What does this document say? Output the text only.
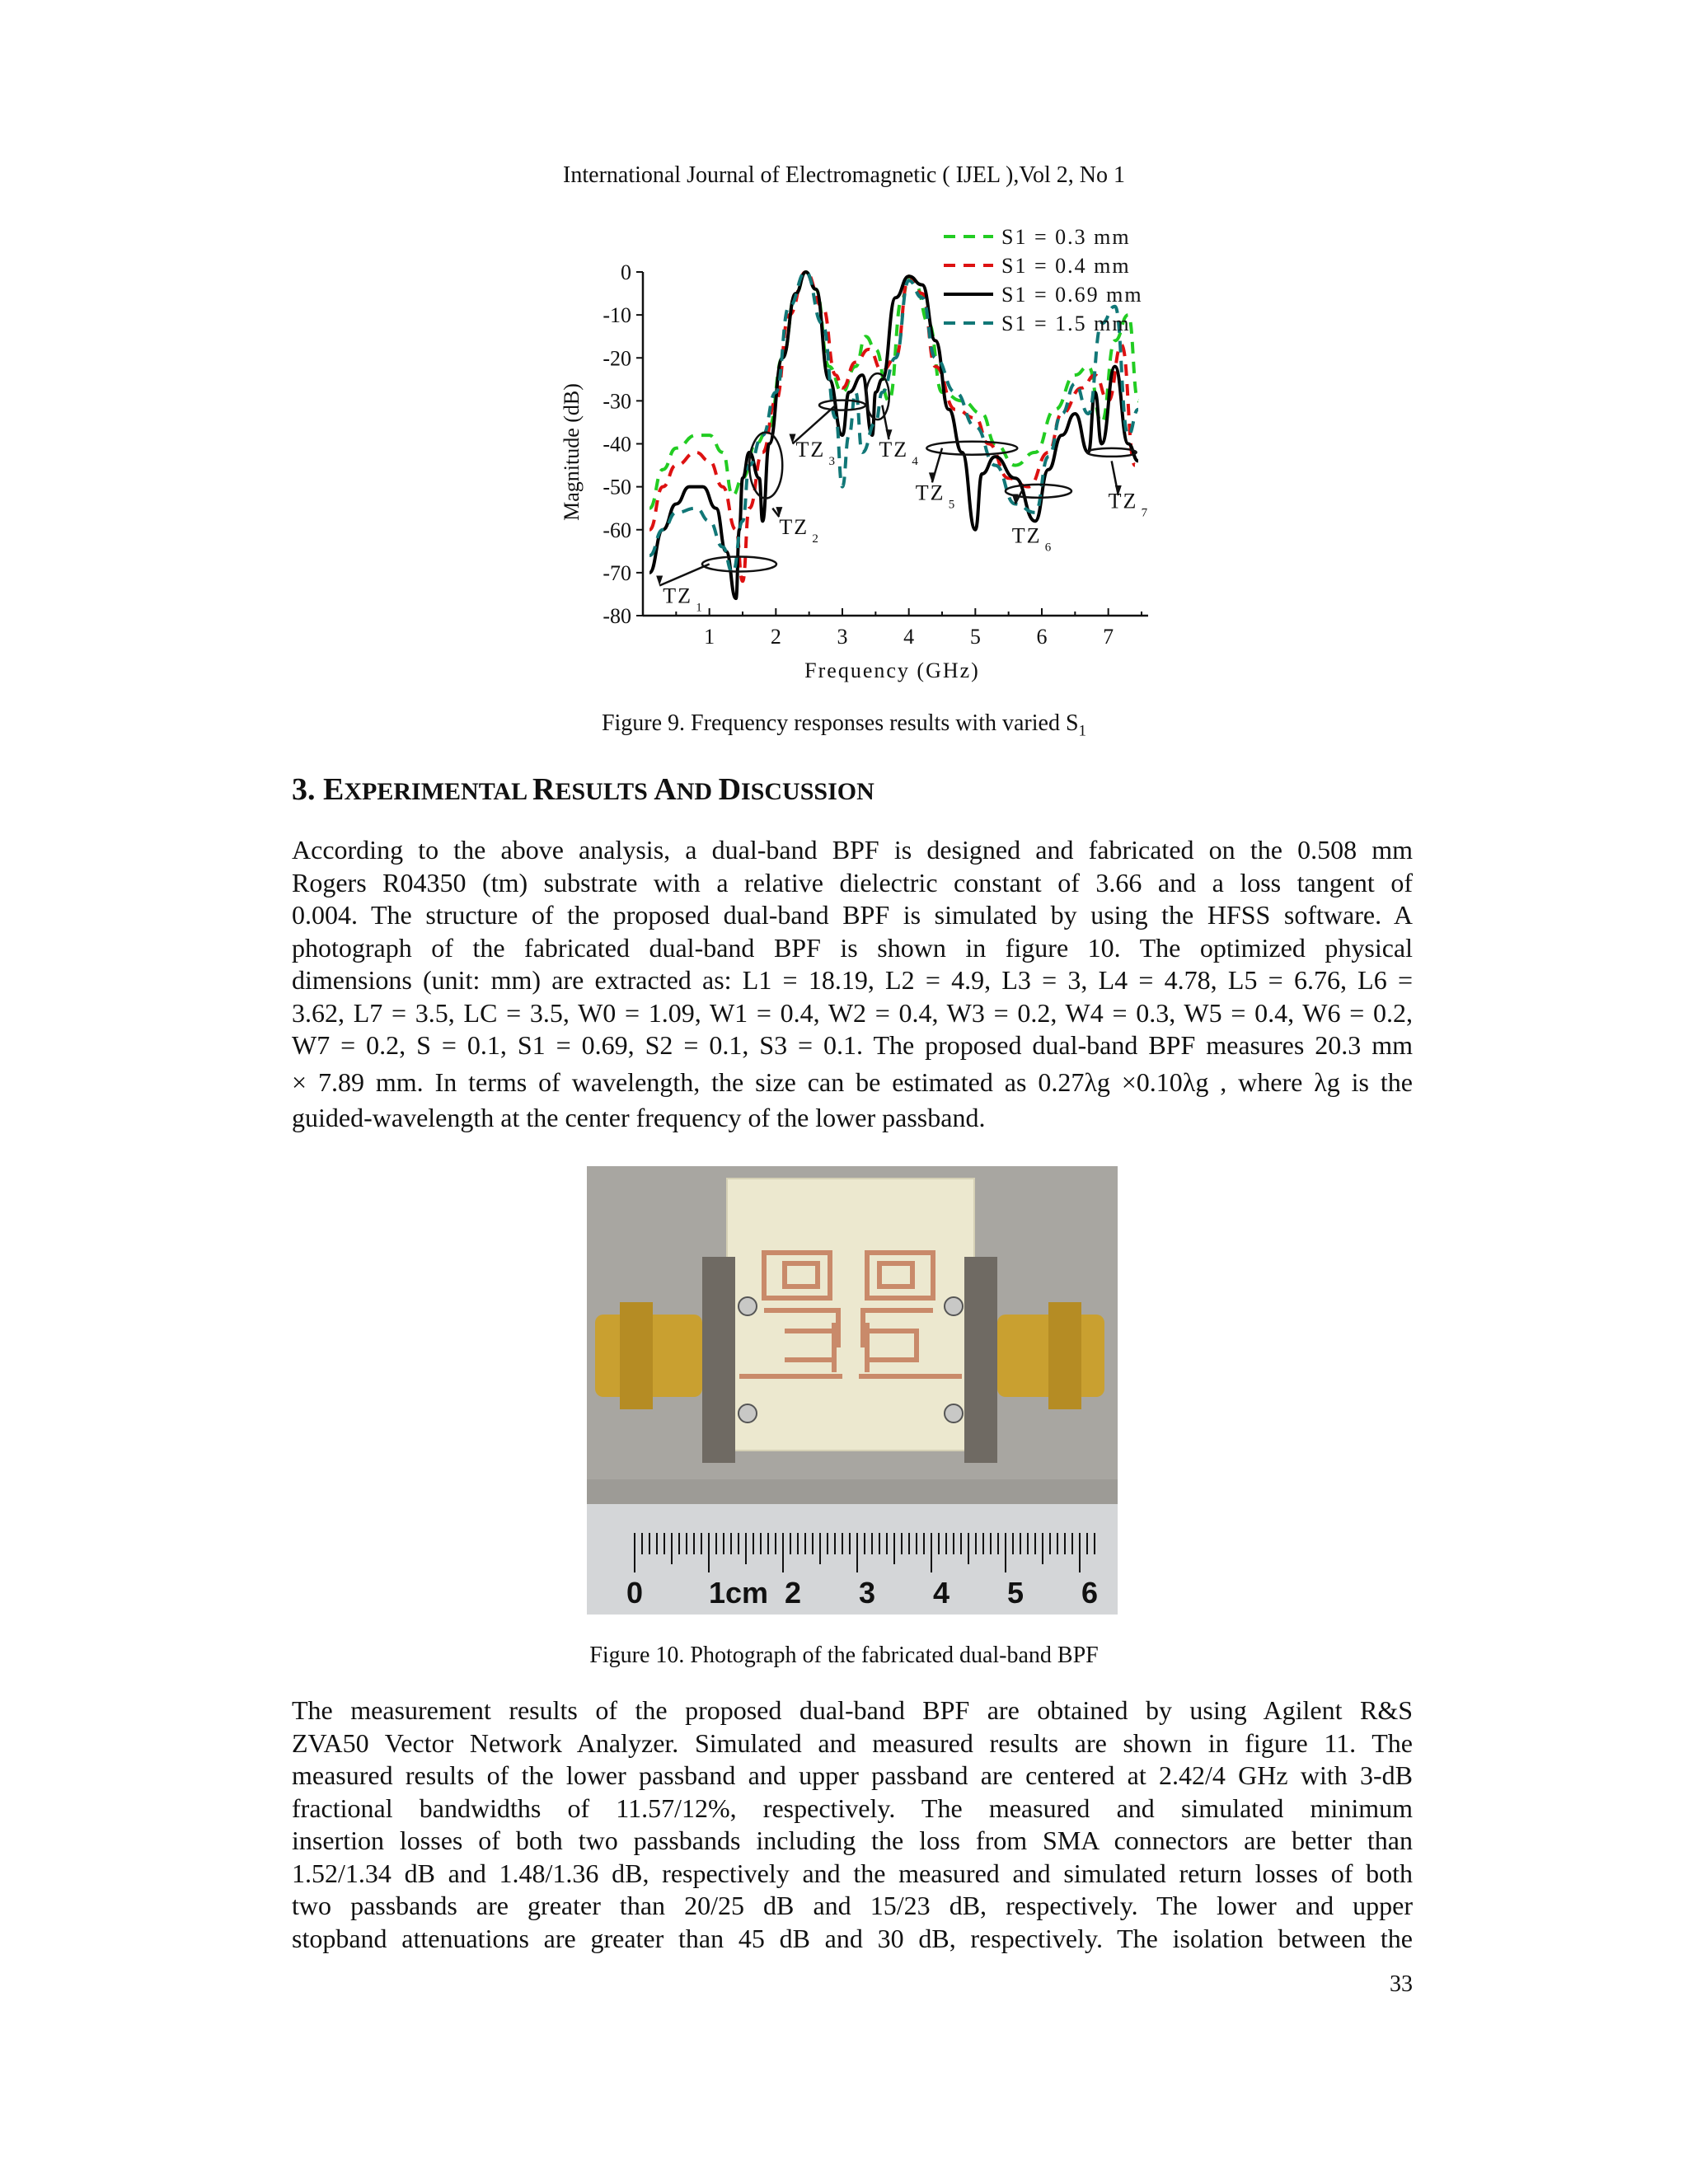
International Journal of Electromagnetic ( IJEL ),Vol 2, No 1
0
-10
-20
-30
-40
-50
-60
-70
-80
1	2	3	4	5	6	7
Frequency (GHz)
Magnitude (dB)
S1 = 0.3 mm
S1 = 0.4 mm
S1 = 0.69 mm
S1 = 1.5 mm
TZ 1
TZ 2
TZ 3 TZ 4
TZ 5
TZ 6
TZ 7
Figure 9. Frequency responses results with varied $S_1$
3. EXPERIMENTAL RESULTS AND DISCUSSION
According to the above analysis, a dual-band BPF is designed and fabricated on the 0.508 mm
Rogers R04350 (tm) substrate with a relative dielectric constant of 3.66 and a loss tangent of
0.004. The structure of the proposed dual-band BPF is simulated by using the HFSS software. A
photograph of the fabricated dual-band BPF is shown in figure 10. The optimized physical
dimensions (unit: mm) are extracted as: L1 = 18.19, L2 = 4.9, L3 = 3, L4 = 4.78, L5 = 6.76, L6 =
3.62, L7 = 3.5, LC = 3.5, W0 = 1.09, W1 = 0.4, W2 = 0.4, W3 = 0.2, W4 = 0.3, W5 = 0.4, W6 = 0.2,
W7 = 0.2, S = 0.1, S1 = 0.69, S2 = 0.1, S3 = 0.1. The proposed dual-band BPF measures 20.3 mm
× 7.89 mm. In terms of wavelength, the size can be estimated as 0.27λg ×0.10λg , where λg is the
guided-wavelength at the center frequency of the lower passband.
0 1cm 2 3 4 5 6
Figure 10. Photograph of the fabricated dual-band BPF
The measurement results of the proposed dual-band BPF are obtained by using Agilent R&S
ZVA50 Vector Network Analyzer. Simulated and measured results are shown in figure 11. The
measured results of the lower passband and upper passband are centered at 2.42/4 GHz with 3-dB
fractional bandwidths of 11.57/12%, respectively. The measured and simulated minimum
insertion losses of both two passbands including the loss from SMA connectors are better than
1.52/1.34 dB and 1.48/1.36 dB, respectively and the measured and simulated return losses of both
two passbands are greater than 20/25 dB and 15/23 dB, respectively. The lower and upper
stopband attenuations are greater than 45 dB and 30 dB, respectively. The isolation between the
33
